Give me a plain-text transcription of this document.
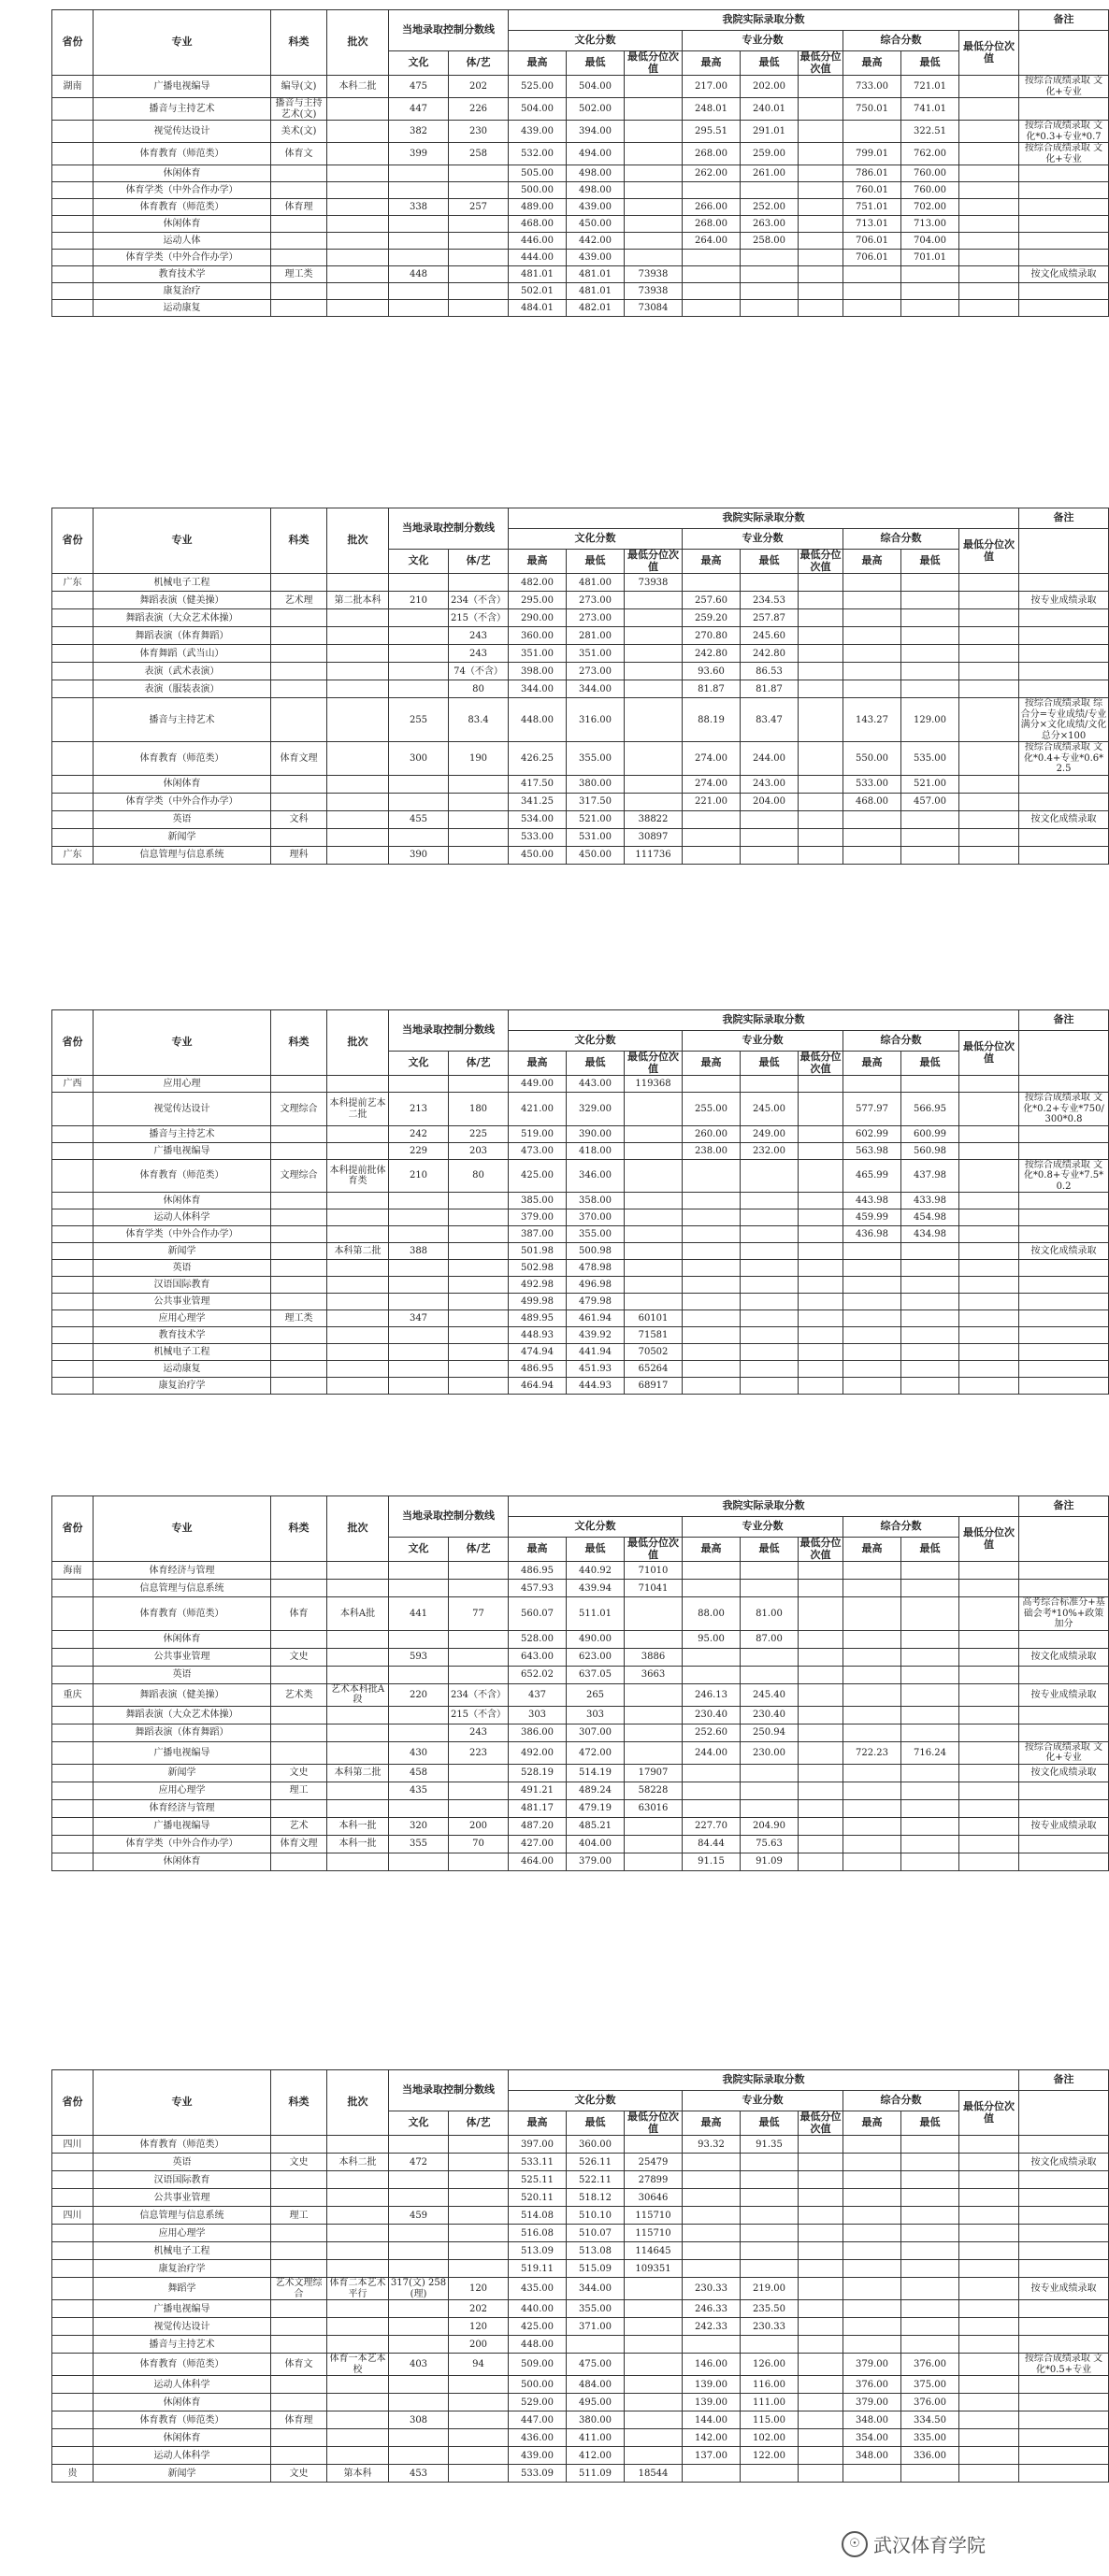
省份	专业	科类	批次	当地录取控制分数线		我院实际录取分数									备注
						文化分数			专业分数			综合分数		最低分位次值	
				文化	体/艺	最高	最低	最低分位次值	最高	最低	最低分位次值	最高	最低		
湖南	广播电视编导	编导(文)	本科二批	475	202	525.00	504.00		217.00	202.00		733.00	721.01		按综合成绩录取 文化+专业
	播音与主持艺术	播音与主持艺术(文)		447	226	504.00	502.00		248.01	240.01		750.01	741.01		
	视觉传达设计	美术(文)		382	230	439.00	394.00		295.51	291.01			322.51		按综合成绩录取 文化*0.3+专业*0.7
	体育教育（师范类）	体育文		399	258	532.00	494.00		268.00	259.00		799.01	762.00		按综合成绩录取 文化+专业
	休闲体育					505.00	498.00		262.00	261.00		786.01	760.00		
	体育学类（中外合作办学）					500.00	498.00					760.01	760.00		
	体育教育（师范类）	体育理		338	257	489.00	439.00		266.00	252.00		751.01	702.00		
	休闲体育					468.00	450.00		268.00	263.00		713.01	713.00		
	运动人体					446.00	442.00		264.00	258.00		706.01	704.00		
	体育学类（中外合作办学）					444.00	439.00					706.01	701.01		
	教育技术学	理工类		448		481.01	481.01	73938							按文化成绩录取
	康复治疗					502.01	481.01	73938							
	运动康复					484.01	482.01	73084							
省份	专业	科类	批次	当地录取控制分数线		我院实际录取分数									备注
						文化分数			专业分数			综合分数		最低分位次值	
				文化	体/艺	最高	最低	最低分位次值	最高	最低	最低分位次值	最高	最低		
广东	机械电子工程					482.00	481.00	73938							
	舞蹈表演（健美操）	艺术理	第二批本科	210	234（不含）	295.00	273.00		257.60	234.53					按专业成绩录取
	舞蹈表演（大众艺术体操）				215（不含）	290.00	273.00		259.20	257.87					
	舞蹈表演（体育舞蹈）				243	360.00	281.00		270.80	245.60					
	体育舞蹈（武当山）				243	351.00	351.00		242.80	242.80					
	表演（武术表演）				74（不含）	398.00	273.00		93.60	86.53					
	表演（服装表演）				80	344.00	344.00		81.87	81.87					
	播音与主持艺术			255	83.4	448.00	316.00		88.19	83.47		143.27	129.00		按综合成绩录取 综合分=专业成绩/专业满分×文化成绩/文化总分×100
	体育教育（师范类）	体育文理		300	190	426.25	355.00		274.00	244.00		550.00	535.00		按综合成绩录取 文化*0.4+专业*0.6*2.5
	休闲体育					417.50	380.00		274.00	243.00		533.00	521.00		
	体育学类（中外合作办学）					341.25	317.50		221.00	204.00		468.00	457.00		
	英语	文科		455		534.00	521.00	38822							按文化成绩录取
	新闻学					533.00	531.00	30897							
广东	信息管理与信息系统	理科		390		450.00	450.00	111736							
省份	专业	科类	批次	当地录取控制分数线		我院实际录取分数									备注
						文化分数			专业分数			综合分数		最低分位次值	
				文化	体/艺	最高	最低	最低分位次值	最高	最低	最低分位次值	最高	最低		
广西	应用心理					449.00	443.00	119368							
	视觉传达设计	文理综合	本科提前艺本二批	213	180	421.00	329.00		255.00	245.00		577.97	566.95		按综合成绩录取 文化*0.2+专业*750/300*0.8
	播音与主持艺术			242	225	519.00	390.00		260.00	249.00		602.99	600.99		
	广播电视编导			229	203	473.00	418.00		238.00	232.00		563.98	560.98		
	体育教育（师范类）	文理综合	本科提前批体育类	210	80	425.00	346.00					465.99	437.98		按综合成绩录取 文化*0.8+专业*7.5*0.2
	休闲体育					385.00	358.00					443.98	433.98		
	运动人体科学					379.00	370.00					459.99	454.98		
	体育学类（中外合作办学）					387.00	355.00					436.98	434.98		
	新闻学		本科第二批	388		501.98	500.98								按文化成绩录取
	英语					502.98	478.98								
	汉语国际教育					492.98	496.98								
	公共事业管理					499.98	479.98								
	应用心理学	理工类		347		489.95	461.94	60101							
	教育技术学					448.93	439.92	71581							
	机械电子工程					474.94	441.94	70502							
	运动康复					486.95	451.93	65264							
	康复治疗学					464.94	444.93	68917							
省份	专业	科类	批次	当地录取控制分数线		我院实际录取分数									备注
						文化分数			专业分数			综合分数		最低分位次值	
				文化	体/艺	最高	最低	最低分位次值	最高	最低	最低分位次值	最高	最低		
海南	体育经济与管理					486.95	440.92	71010							
	信息管理与信息系统					457.93	439.94	71041							
	体育教育（师范类）	体育	本科A批	441	77	560.07	511.01		88.00	81.00					高考综合标准分+基础会考*10%+政策加分
	休闲体育					528.00	490.00		95.00	87.00					
	公共事业管理	文史		593		643.00	623.00	3886							按文化成绩录取
	英语					652.02	637.05	3663							
重庆	舞蹈表演（健美操）	艺术类	艺术本科批A段	220	234（不含）	437	265		246.13	245.40					按专业成绩录取
	舞蹈表演（大众艺术体操）				215（不含）	303	303		230.40	230.40					
	舞蹈表演（体育舞蹈）				243	386.00	307.00		252.60	250.94					
	广播电视编导			430	223	492.00	472.00		244.00	230.00		722.23	716.24		按综合成绩录取 文化+专业
	新闻学	文史	本科第二批	458		528.19	514.19	17907							按文化成绩录取
	应用心理学	理工		435		491.21	489.24	58228							
	体育经济与管理					481.17	479.19	63016							
	广播电视编导	艺术	本科一批	320	200	487.20	485.21		227.70	204.90					按专业成绩录取
	体育学类（中外合作办学）	体育文理	本科一批	355	70	427.00	404.00		84.44	75.63					
	休闲体育					464.00	379.00		91.15	91.09					
省份	专业	科类	批次	当地录取控制分数线		我院实际录取分数									备注
						文化分数			专业分数			综合分数		最低分位次值	
				文化	体/艺	最高	最低	最低分位次值	最高	最低	最低分位次值	最高	最低		
四川	体育教育（师范类）					397.00	360.00		93.32	91.35					
	英语	文史	本科二批	472		533.11	526.11	25479							按文化成绩录取
	汉语国际教育					525.11	522.11	27899							
	公共事业管理					520.11	518.12	30646							
四川	信息管理与信息系统	理工		459		514.08	510.10	115710							
	应用心理学					516.08	510.07	115710							
	机械电子工程					513.09	513.08	114645							
	康复治疗学					519.11	515.09	109351							
	舞蹈学	艺术文理综合	体育二本艺术平行	317(文) 258(理)	120	435.00	344.00		230.33	219.00					按专业成绩录取
	广播电视编导				202	440.00	355.00		246.33	235.50					
	视觉传达设计				120	425.00	371.00		242.33	230.33					
	播音与主持艺术				200	448.00									
	体育教育（师范类）	体育文	体育一本艺本校	403	94	509.00	475.00		146.00	126.00		379.00	376.00		按综合成绩录取 文化*0.5+专业
	运动人体科学					500.00	484.00		139.00	116.00		376.00	375.00		
	休闲体育					529.00	495.00		139.00	111.00		379.00	376.00		
	体育教育（师范类）	体育理		308		447.00	380.00		144.00	115.00		348.00	334.50		
	休闲体育					436.00	411.00		142.00	102.00		354.00	335.00		
	运动人体科学					439.00	412.00		137.00	122.00		348.00	336.00		
贵	新闻学	文史	第本科	453		533.09	511.09	18544							
☉ 武汉体育学院
